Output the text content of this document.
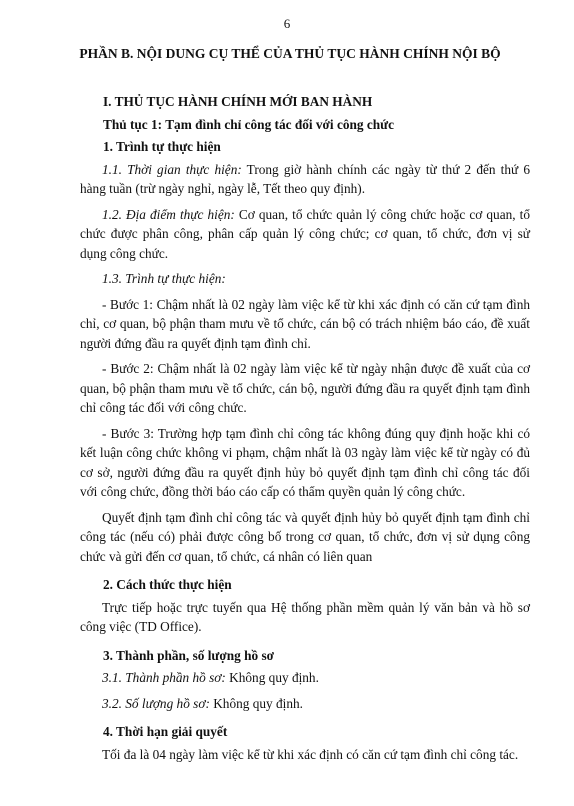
6
PHẦN B. NỘI DUNG CỤ THỂ CỦA THỦ TỤC HÀNH CHÍNH NỘI BỘ

I. THỦ TỤC HÀNH CHÍNH MỚI BAN HÀNH

Thủ tục 1: Tạm đình chỉ công tác đối với công chức

1. Trình tự thực hiện

1.1. Thời gian thực hiện: Trong giờ hành chính các ngày từ thứ 2 đến thứ 6 hàng tuần (trừ ngày nghỉ, ngày lễ, Tết theo quy định).

1.2. Địa điểm thực hiện: Cơ quan, tổ chức quản lý công chức hoặc cơ quan, tổ chức được phân công, phân cấp quản lý công chức; cơ quan, tổ chức, đơn vị sử dụng công chức.

1.3. Trình tự thực hiện:

- Bước 1: Chậm nhất là 02 ngày làm việc kể từ khi xác định có căn cứ tạm đình chỉ, cơ quan, bộ phận tham mưu về tổ chức, cán bộ có trách nhiệm báo cáo, đề xuất người đứng đầu ra quyết định tạm đình chỉ.

- Bước 2: Chậm nhất là 02 ngày làm việc kể từ ngày nhận được đề xuất của cơ quan, bộ phận tham mưu về tổ chức, cán bộ, người đứng đầu ra quyết định tạm đình chỉ công tác đối với công chức.

- Bước 3: Trường hợp tạm đình chỉ công tác không đúng quy định hoặc khi có kết luận công chức không vi phạm, chậm nhất là 03 ngày làm việc kể từ ngày có đủ cơ sở, người đứng đầu ra quyết định hủy bỏ quyết định tạm đình chỉ công tác đối với công chức, đồng thời báo cáo cấp có thẩm quyền quản lý công chức.

Quyết định tạm đình chỉ công tác và quyết định hủy bỏ quyết định tạm đình chỉ công tác (nếu có) phải được công bố trong cơ quan, tổ chức, đơn vị sử dụng công chức và gửi đến cơ quan, tổ chức, cá nhân có liên quan

2. Cách thức thực hiện

Trực tiếp hoặc trực tuyến qua Hệ thống phần mềm quản lý văn bản và hồ sơ công việc (TD Office).

3. Thành phần, số lượng hồ sơ

3.1. Thành phần hồ sơ: Không quy định.

3.2. Số lượng hồ sơ: Không quy định.

4. Thời hạn giải quyết

Tối đa là 04 ngày làm việc kể từ khi xác định có căn cứ tạm đình chỉ công tác.
